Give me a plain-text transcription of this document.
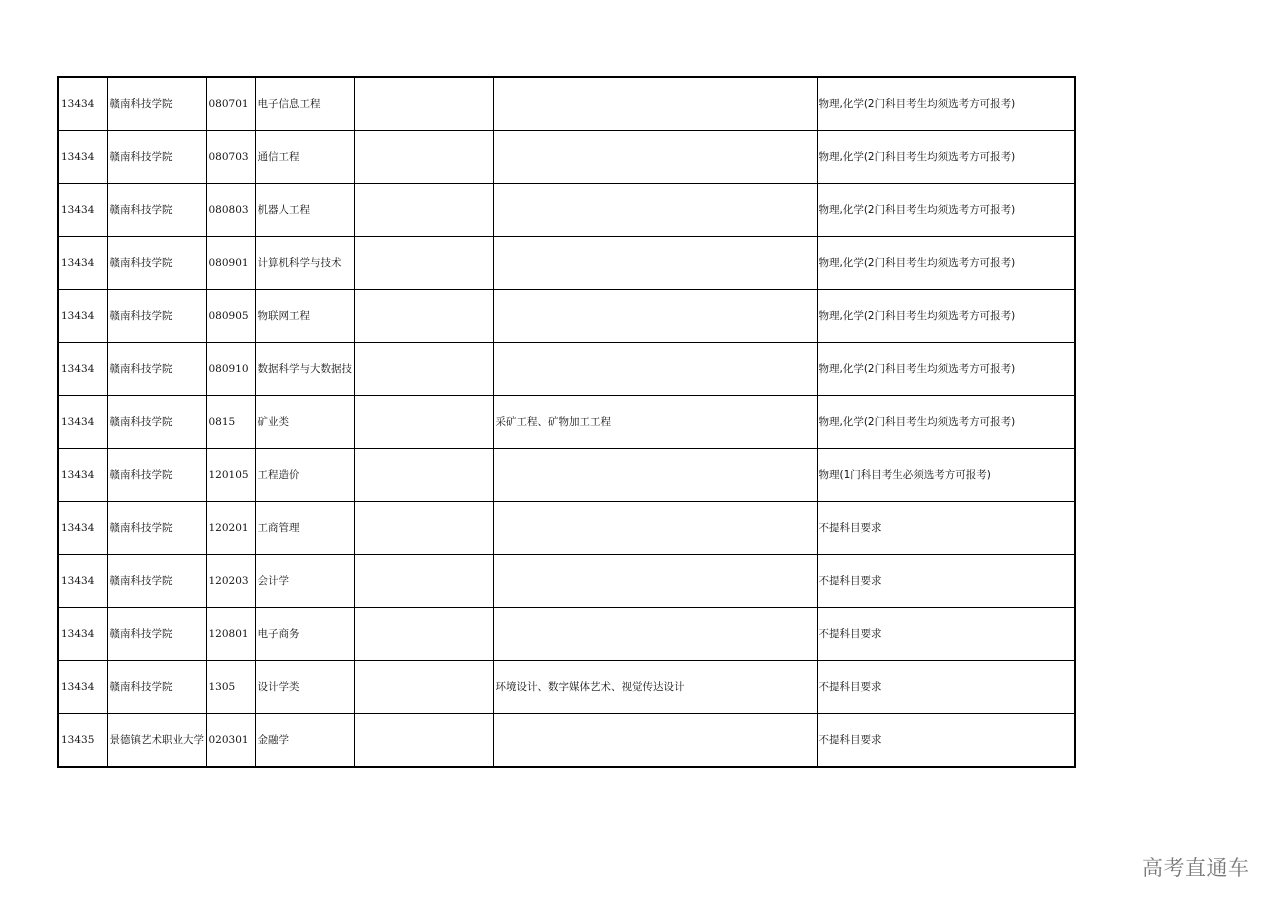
13434	赣南科技学院	080701	电子信息工程			物理,化学(2门科目考生均须选考方可报考)
13434	赣南科技学院	080703	通信工程			物理,化学(2门科目考生均须选考方可报考)
13434	赣南科技学院	080803	机器人工程			物理,化学(2门科目考生均须选考方可报考)
13434	赣南科技学院	080901	计算机科学与技术			物理,化学(2门科目考生均须选考方可报考)
13434	赣南科技学院	080905	物联网工程			物理,化学(2门科目考生均须选考方可报考)
13434	赣南科技学院	080910	数据科学与大数据技			物理,化学(2门科目考生均须选考方可报考)
13434	赣南科技学院	0815	矿业类		采矿工程、矿物加工工程	物理,化学(2门科目考生均须选考方可报考)
13434	赣南科技学院	120105	工程造价			物理(1门科目考生必须选考方可报考)
13434	赣南科技学院	120201	工商管理			不提科目要求
13434	赣南科技学院	120203	会计学			不提科目要求
13434	赣南科技学院	120801	电子商务			不提科目要求
13434	赣南科技学院	1305	设计学类		环境设计、数字媒体艺术、视觉传达设计	不提科目要求
13435	景德镇艺术职业大学	020301	金融学			不提科目要求
高考直通车
